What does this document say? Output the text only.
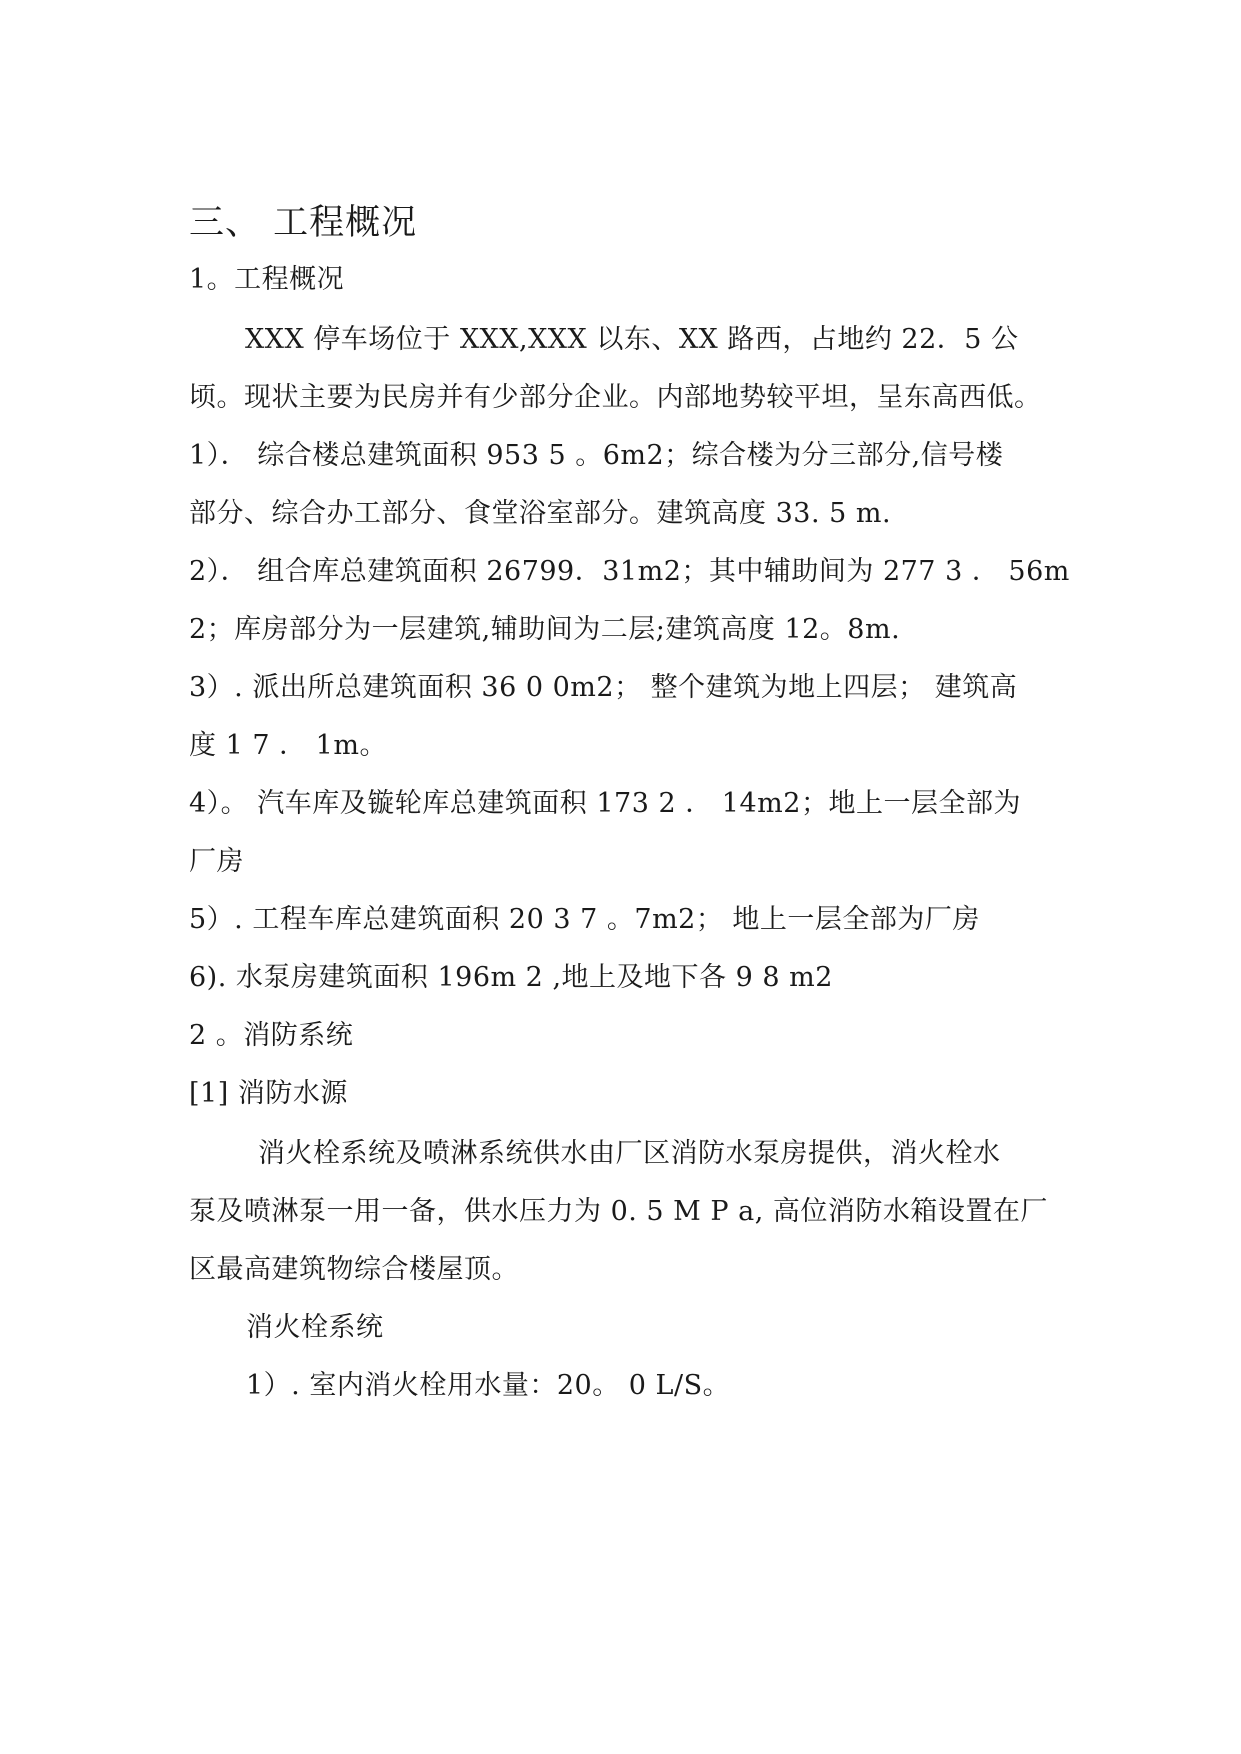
三、 工程概况
1。工程概况
XXX 停车场位于 XXX,XXX 以东、XX 路西，占地约 22．5 公
顷。现状主要为民房并有少部分企业。内部地势较平坦，呈东高西低。
1）． 综合楼总建筑面积 953 5 。6m2；综合楼为分三部分,信号楼
部分、综合办工部分、食堂浴室部分。建筑高度 33. 5 m.
2）． 组合库总建筑面积 26799．31m2；其中辅助间为 277 3 ． 56m
2；库房部分为一层建筑,辅助间为二层;建筑高度 12。8m.
3）. 派出所总建筑面积 36 0 0m2； 整个建筑为地上四层； 建筑高
度 1 7 ． 1m。
4）。 汽车库及镟轮库总建筑面积 173 2 ． 14m2；地上一层全部为
厂房
5）. 工程车库总建筑面积 20 3 7 。7m2； 地上一层全部为厂房
6). 水泵房建筑面积 196m 2 ,地上及地下各 9 8 m2
2 。消防系统
[1] 消防水源
消火栓系统及喷淋系统供水由厂区消防水泵房提供，消火栓水
泵及喷淋泵一用一备，供水压力为 0. 5 M P a, 高位消防水箱设置在厂
区最高建筑物综合楼屋顶。
消火栓系统
1）. 室内消火栓用水量：20。 0 L/S。
